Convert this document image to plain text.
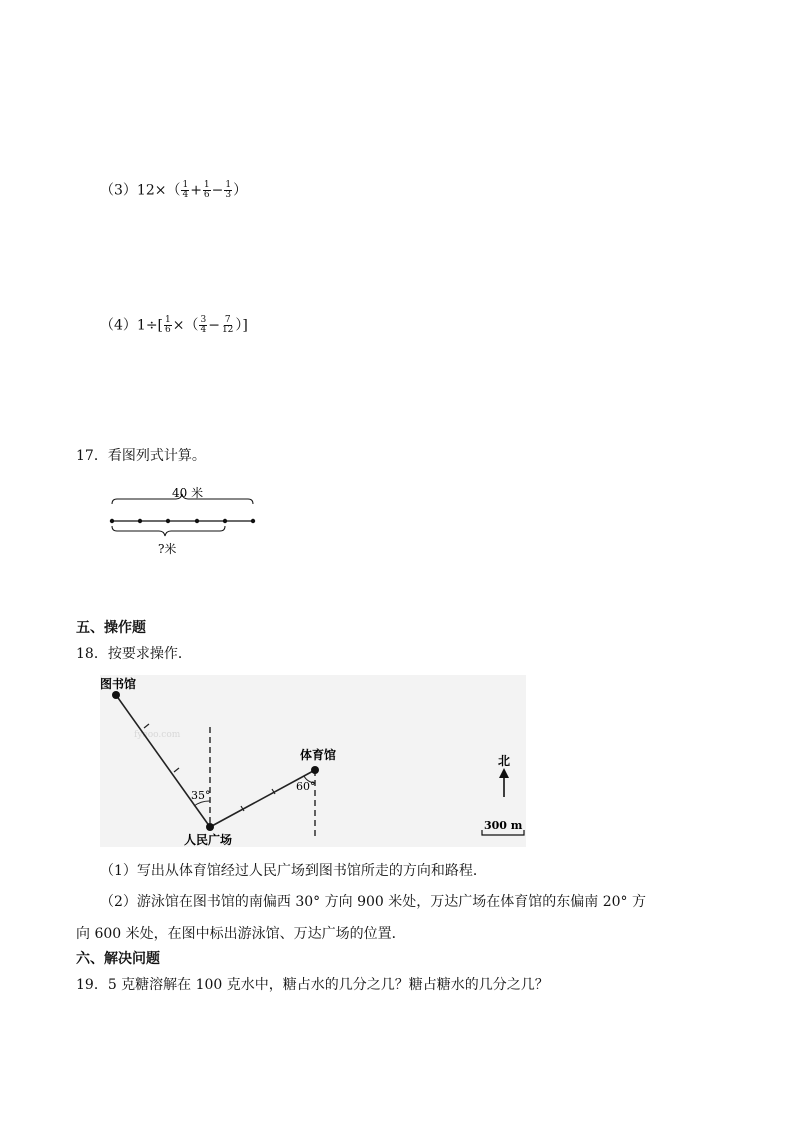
$(3)12\times( \frac{1}{4} + \frac{1}{6} - \frac{1}{3}$ ）
$(4)1\div[ \frac{1}{6}$ ×（ $\frac{3}{4} - \frac{7}{12}$ ）]
17．看图列式计算。
40 米
?米
五、操作题
18．按要求操作．
fyeoo.com
图书馆
体育馆
人民广场
35°
60°
北
300 m
（1）写出从体育馆经过人民广场到图书馆所走的方向和路程．
（2）游泳馆在图书馆的南偏西 30° 方向 900 米处，万达广场在体育馆的东偏南 20° 方
向 600 米处，在图中标出游泳馆、万达广场的位置．
六、解决问题
19．5 克糖溶解在 100 克水中，糖占水的几分之几？糖占糖水的几分之几？
